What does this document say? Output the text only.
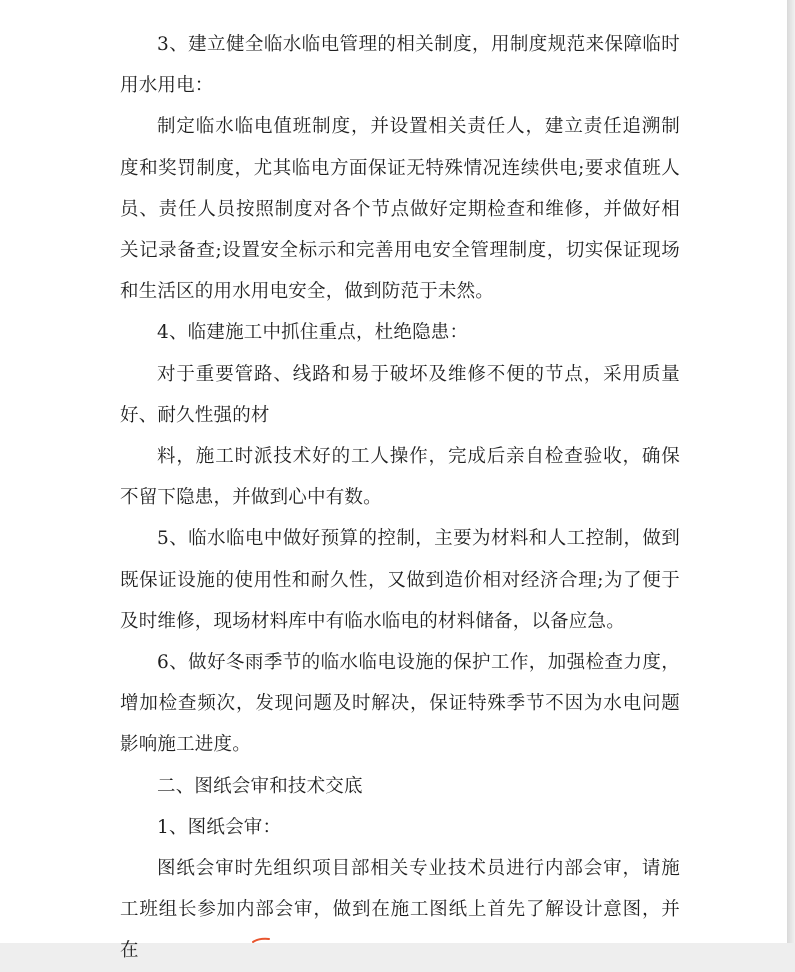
3、建立健全临水临电管理的相关制度，用制度规范来保障临时用水用电：

制定临水临电值班制度，并设置相关责任人，建立责任追溯制度和奖罚制度，尤其临电方面保证无特殊情况连续供电;要求值班人员、责任人员按照制度对各个节点做好定期检查和维修，并做好相关记录备查;设置安全标示和完善用电安全管理制度，切实保证现场和生活区的用水用电安全，做到防范于未然。

4、临建施工中抓住重点，杜绝隐患：

对于重要管路、线路和易于破坏及维修不便的节点，采用质量好、耐久性强的材

料，施工时派技术好的工人操作，完成后亲自检查验收，确保不留下隐患，并做到心中有数。

5、临水临电中做好预算的控制，主要为材料和人工控制，做到既保证设施的使用性和耐久性，又做到造价相对经济合理;为了便于及时维修，现场材料库中有临水临电的材料储备，以备应急。

6、做好冬雨季节的临水临电设施的保护工作，加强检查力度，增加检查频次，发现问题及时解决，保证特殊季节不因为水电问题影响施工进度。

二、图纸会审和技术交底

1、图纸会审：

图纸会审时先组织项目部相关专业技术员进行内部会审，请施工班组长参加内部会审，做到在施工图纸上首先了解设计意图，并在
